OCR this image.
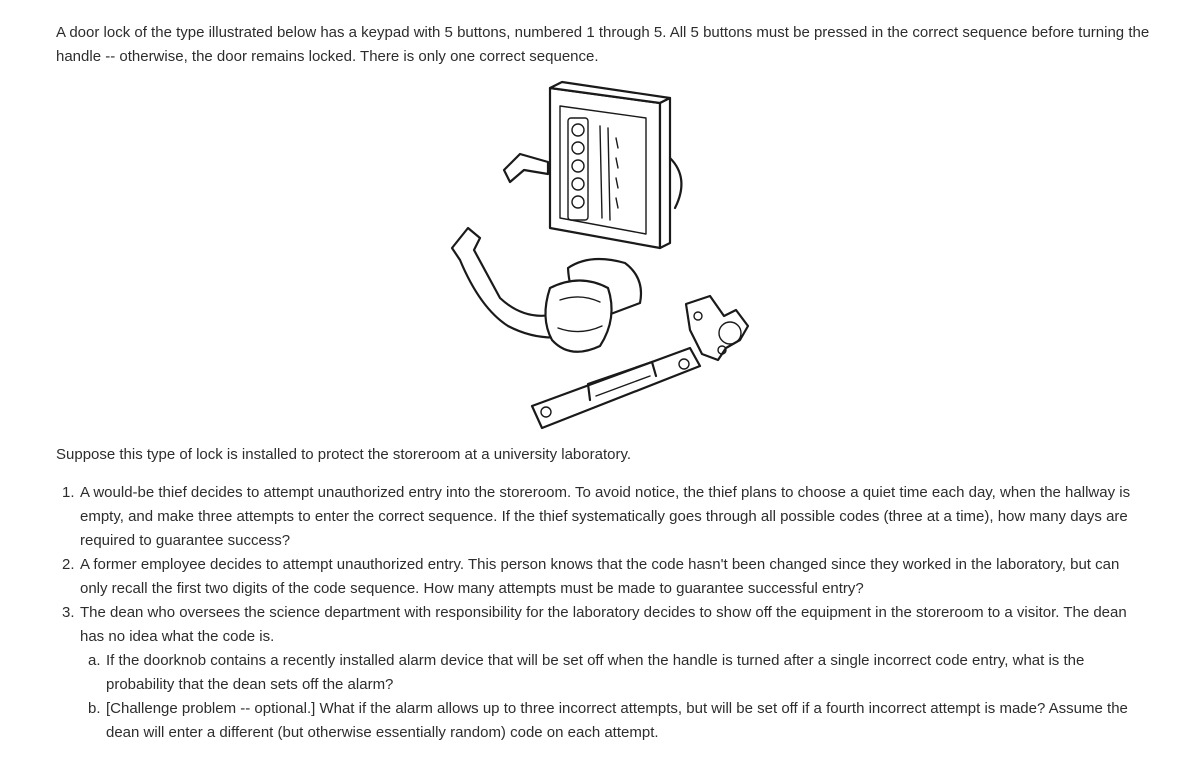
A door lock of the type illustrated below has a keypad with 5 buttons, numbered 1 through 5. All 5 buttons must be pressed in the correct sequence before turning the handle -- otherwise, the door remains locked. There is only one correct sequence.

Suppose this type of lock is installed to protect the storeroom at a university laboratory.

1. A would-be thief decides to attempt unauthorized entry into the storeroom. To avoid notice, the thief plans to choose a quiet time each day, when the hallway is empty, and make three attempts to enter the correct sequence. If the thief systematically goes through all possible codes (three at a time), how many days are required to guarantee success?
2. A former employee decides to attempt unauthorized entry. This person knows that the code hasn't been changed since they worked in the laboratory, but can only recall the first two digits of the code sequence. How many attempts must be made to guarantee successful entry?
3. The dean who oversees the science department with responsibility for the laboratory decides to show off the equipment in the storeroom to a visitor. The dean has no idea what the code is.
a. If the doorknob contains a recently installed alarm device that will be set off when the handle is turned after a single incorrect code entry, what is the probability that the dean sets off the alarm?
b. [Challenge problem -- optional.] What if the alarm allows up to three incorrect attempts, but will be set off if a fourth incorrect attempt is made? Assume the dean will enter a different (but otherwise essentially random) code on each attempt.
